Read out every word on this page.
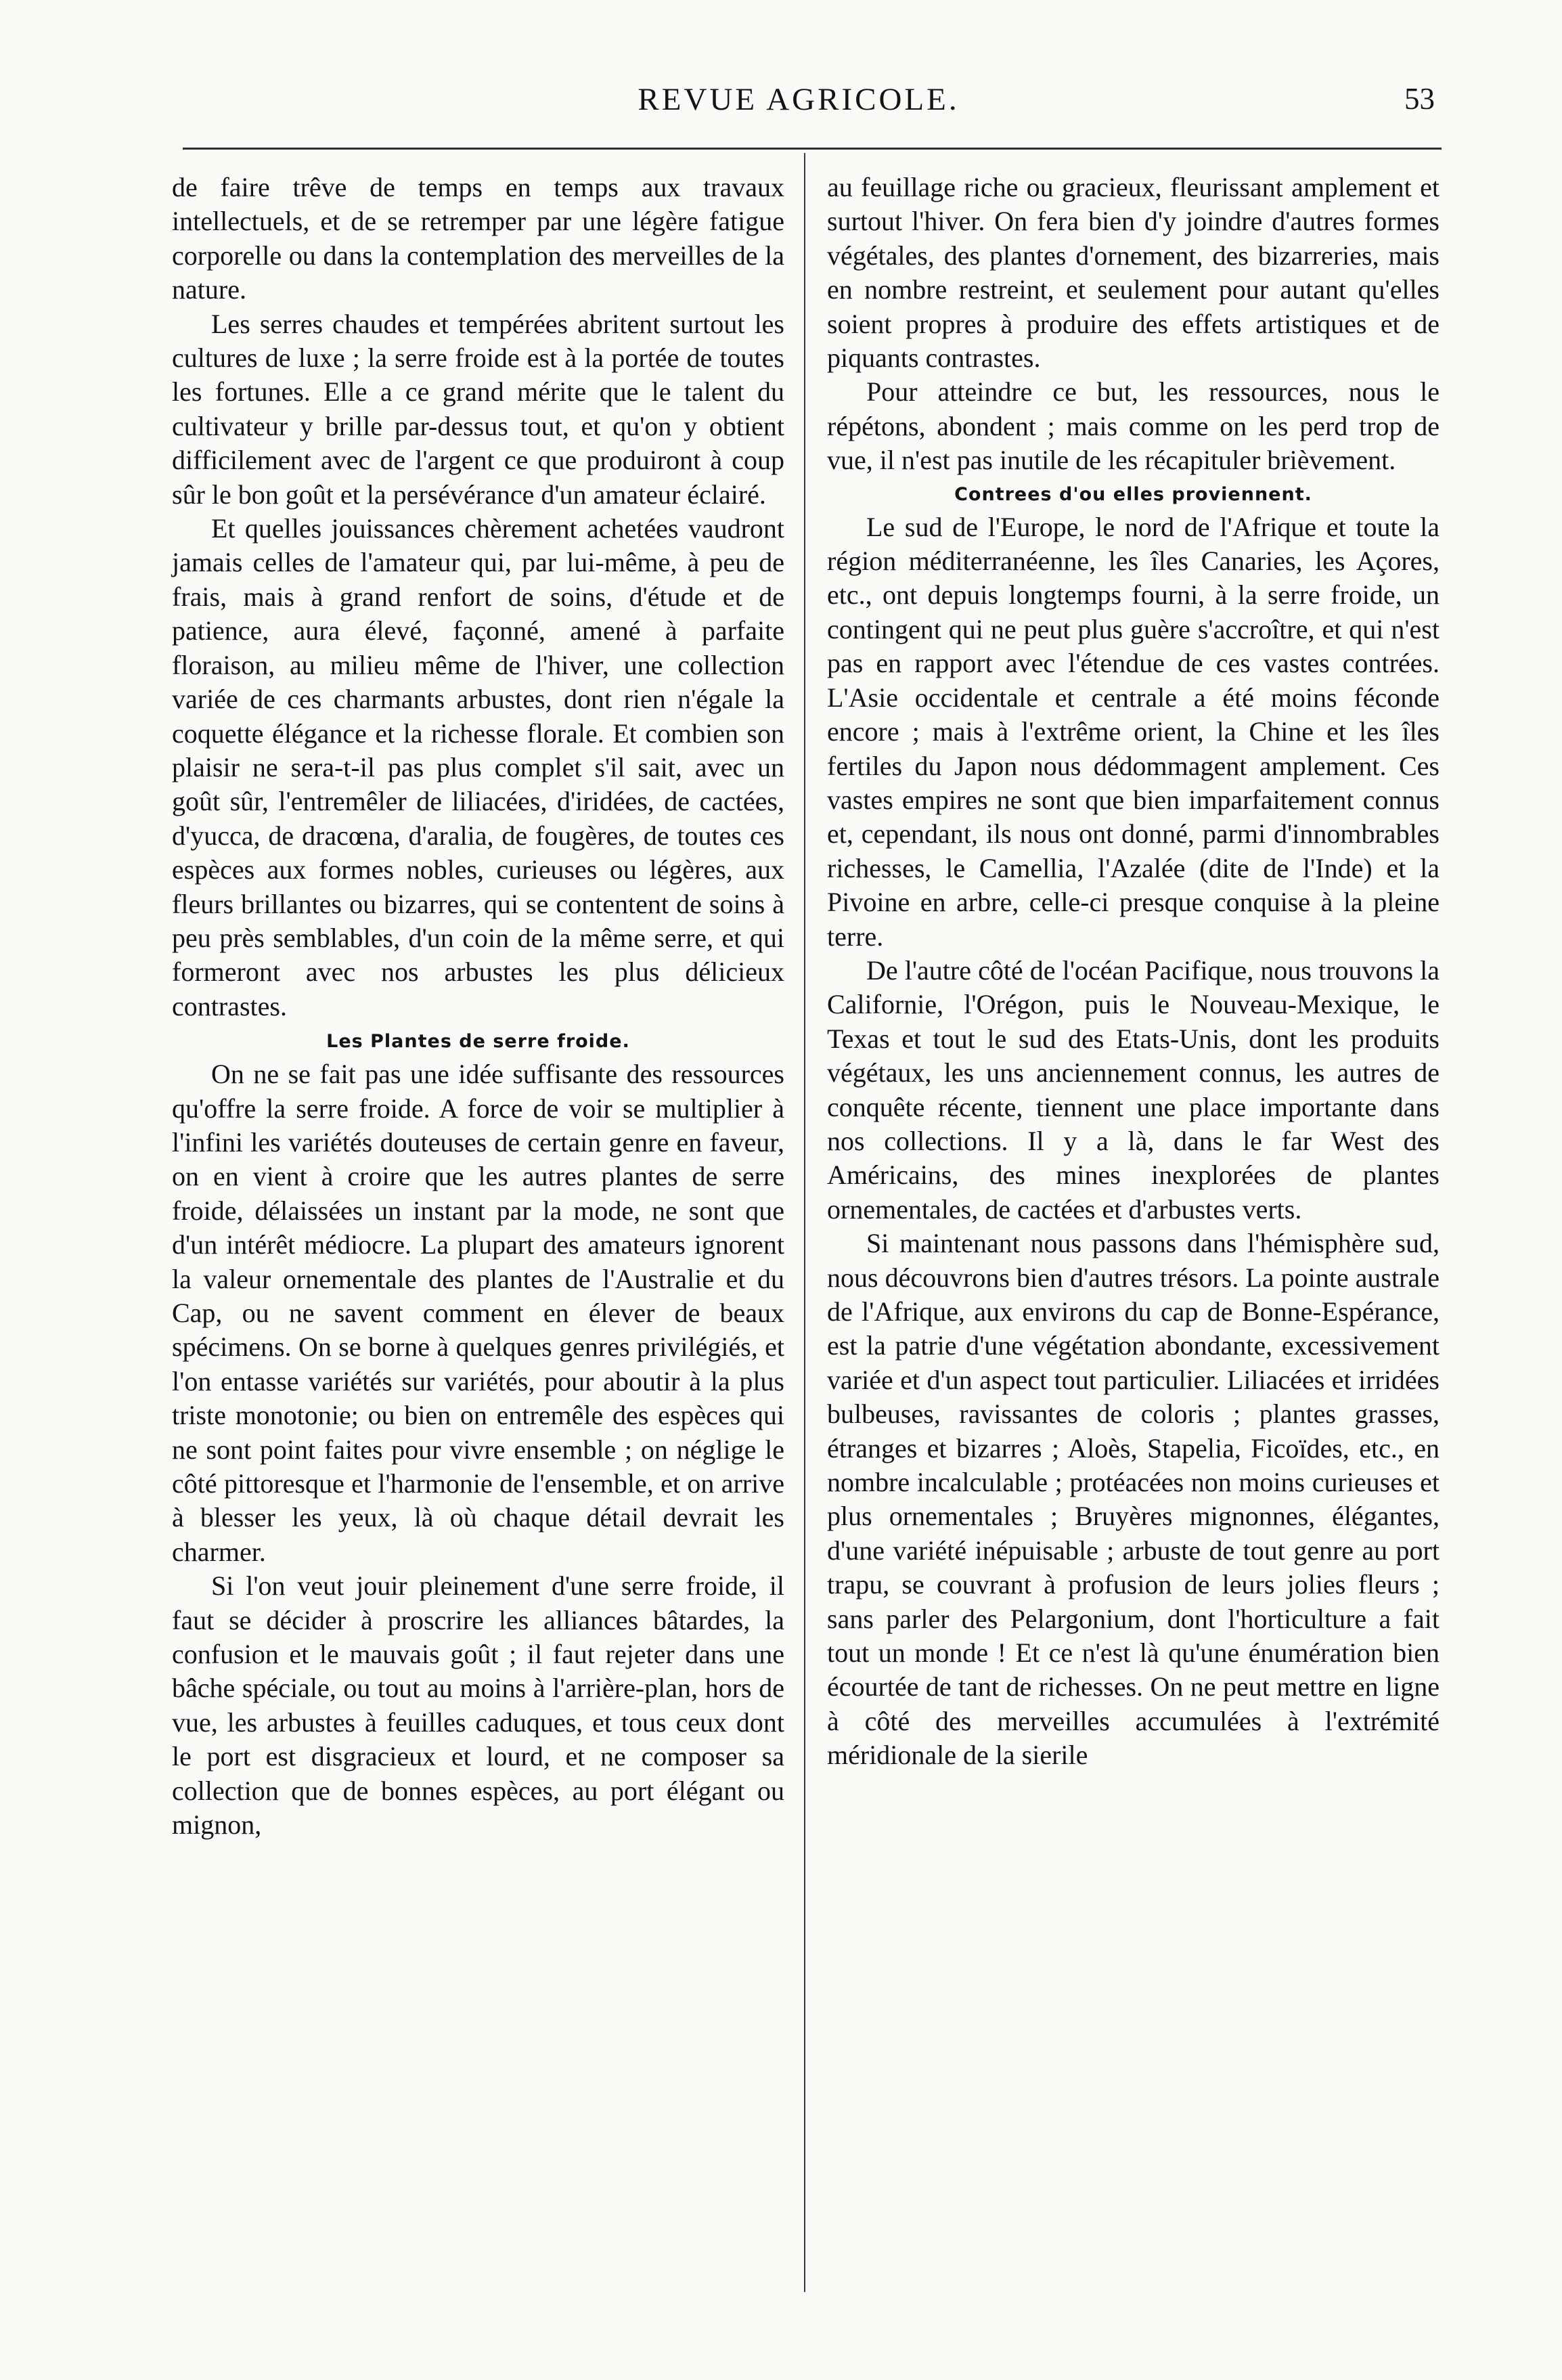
REVUE AGRICOLE.	53

de faire trêve de temps en temps aux travaux intellectuels, et de se retremper par une légère fatigue corporelle ou dans la contemplation des merveilles de la nature.

Les serres chaudes et tempérées abritent surtout les cultures de luxe ; la serre froide est à la portée de toutes les fortunes. Elle a ce grand mérite que le talent du cultivateur y brille par-dessus tout, et qu'on y obtient difficilement avec de l'argent ce que produiront à coup sûr le bon goût et la persévérance d'un amateur éclairé.

Et quelles jouissances chèrement achetées vaudront jamais celles de l'amateur qui, par lui-même, à peu de frais, mais à grand renfort de soins, d'étude et de patience, aura élevé, façonné, amené à parfaite floraison, au milieu même de l'hiver, une collection variée de ces charmants arbustes, dont rien n'égale la coquette élégance et la richesse florale. Et combien son plaisir ne sera-t-il pas plus complet s'il sait, avec un goût sûr, l'entremêler de liliacées, d'iridées, de cactées, d'yucca, de dracœna, d'aralia, de fougères, de toutes ces espèces aux formes nobles, curieuses ou légères, aux fleurs brillantes ou bizarres, qui se contentent de soins à peu près semblables, d'un coin de la même serre, et qui formeront avec nos arbustes les plus délicieux contrastes.

Les Plantes de serre froide.

On ne se fait pas une idée suffisante des ressources qu'offre la serre froide. A force de voir se multiplier à l'infini les variétés douteuses de certain genre en faveur, on en vient à croire que les autres plantes de serre froide, délaissées un instant par la mode, ne sont que d'un intérêt médiocre. La plupart des amateurs ignorent la valeur ornementale des plantes de l'Australie et du Cap, ou ne savent comment en élever de beaux spécimens. On se borne à quelques genres privilégiés, et l'on entasse variétés sur variétés, pour aboutir à la plus triste monotonie; ou bien on entremêle des espèces qui ne sont point faites pour vivre ensemble ; on néglige le côté pittoresque et l'harmonie de l'ensemble, et on arrive à blesser les yeux, là où chaque détail devrait les charmer.

Si l'on veut jouir pleinement d'une serre froide, il faut se décider à proscrire les alliances bâtardes, la confusion et le mauvais goût ; il faut rejeter dans une bâche spéciale, ou tout au moins à l'arrière-plan, hors de vue, les arbustes à feuilles caduques, et tous ceux dont le port est disgracieux et lourd, et ne composer sa collection que de bonnes espèces, au port élégant ou mignon,

au feuillage riche ou gracieux, fleurissant amplement et surtout l'hiver. On fera bien d'y joindre d'autres formes végétales, des plantes d'ornement, des bizarreries, mais en nombre restreint, et seulement pour autant qu'elles soient propres à produire des effets artistiques et de piquants contrastes.

Pour atteindre ce but, les ressources, nous le répétons, abondent ; mais comme on les perd trop de vue, il n'est pas inutile de les récapituler brièvement.

Contrees d'ou elles proviennent.

Le sud de l'Europe, le nord de l'Afrique et toute la région méditerranéenne, les îles Canaries, les Açores, etc., ont depuis longtemps fourni, à la serre froide, un contingent qui ne peut plus guère s'accroître, et qui n'est pas en rapport avec l'étendue de ces vastes contrées. L'Asie occidentale et centrale a été moins féconde encore ; mais à l'extrême orient, la Chine et les îles fertiles du Japon nous dédommagent amplement. Ces vastes empires ne sont que bien imparfaitement connus et, cependant, ils nous ont donné, parmi d'innombrables richesses, le Camellia, l'Azalée (dite de l'Inde) et la Pivoine en arbre, celle-ci presque conquise à la pleine terre.

De l'autre côté de l'océan Pacifique, nous trouvons la Californie, l'Orégon, puis le Nouveau-Mexique, le Texas et tout le sud des Etats-Unis, dont les produits végétaux, les uns anciennement connus, les autres de conquête récente, tiennent une place importante dans nos collections. Il y a là, dans le far West des Américains, des mines inexplorées de plantes ornementales, de cactées et d'arbustes verts.

Si maintenant nous passons dans l'hémisphère sud, nous découvrons bien d'autres trésors. La pointe australe de l'Afrique, aux environs du cap de Bonne-Espérance, est la patrie d'une végétation abondante, excessivement variée et d'un aspect tout particulier. Liliacées et irridées bulbeuses, ravissantes de coloris ; plantes grasses, étranges et bizarres ; Aloès, Stapelia, Ficoïdes, etc., en nombre incalculable ; protéacées non moins curieuses et plus ornementales ; Bruyères mignonnes, élégantes, d'une variété inépuisable ; arbuste de tout genre au port trapu, se couvrant à profusion de leurs jolies fleurs ; sans parler des Pelargonium, dont l'horticulture a fait tout un monde ! Et ce n'est là qu'une énumération bien écourtée de tant de richesses. On ne peut mettre en ligne à côté des merveilles accumulées à l'extrémité méridionale de la sierile
